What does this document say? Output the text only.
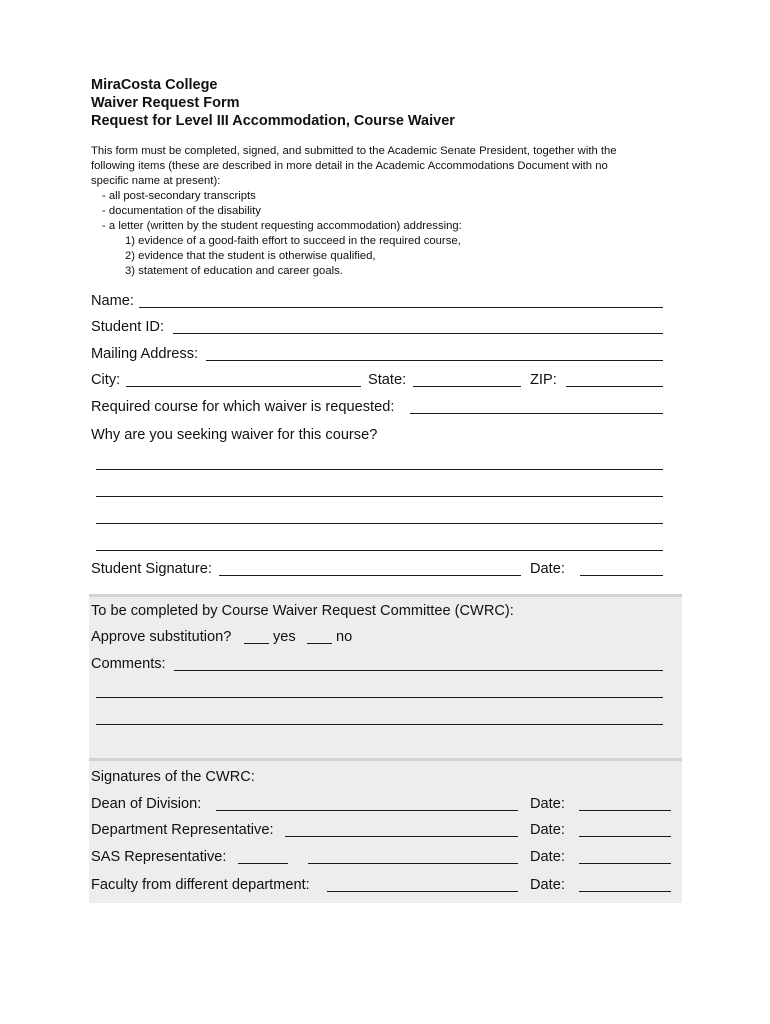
MiraCosta College
Waiver Request Form
Request for Level III Accommodation, Course Waiver
This form must be completed, signed, and submitted to the Academic Senate President, together with the
following items (these are described in more detail in the Academic Accommodations Document with no
specific name at present):
- all post-secondary transcripts
- documentation of the disability
- a letter (written by the student requesting accommodation) addressing:
1) evidence of a good-faith effort to succeed in the required course,
2) evidence that the student is otherwise qualified,
3) statement of education and career goals.
Name:
Student ID:
Mailing Address:
City:	State:	ZIP:
Required course for which waiver is requested:
Why are you seeking waiver for this course?
Student Signature:	Date:
To be completed by Course Waiver Request Committee (CWRC):
Approve substitution?	yes	no
Comments:
Signatures of the CWRC:
Dean of Division:	Date:
Department Representative:	Date:
SAS Representative:	Date:
Faculty from different department:	Date:
